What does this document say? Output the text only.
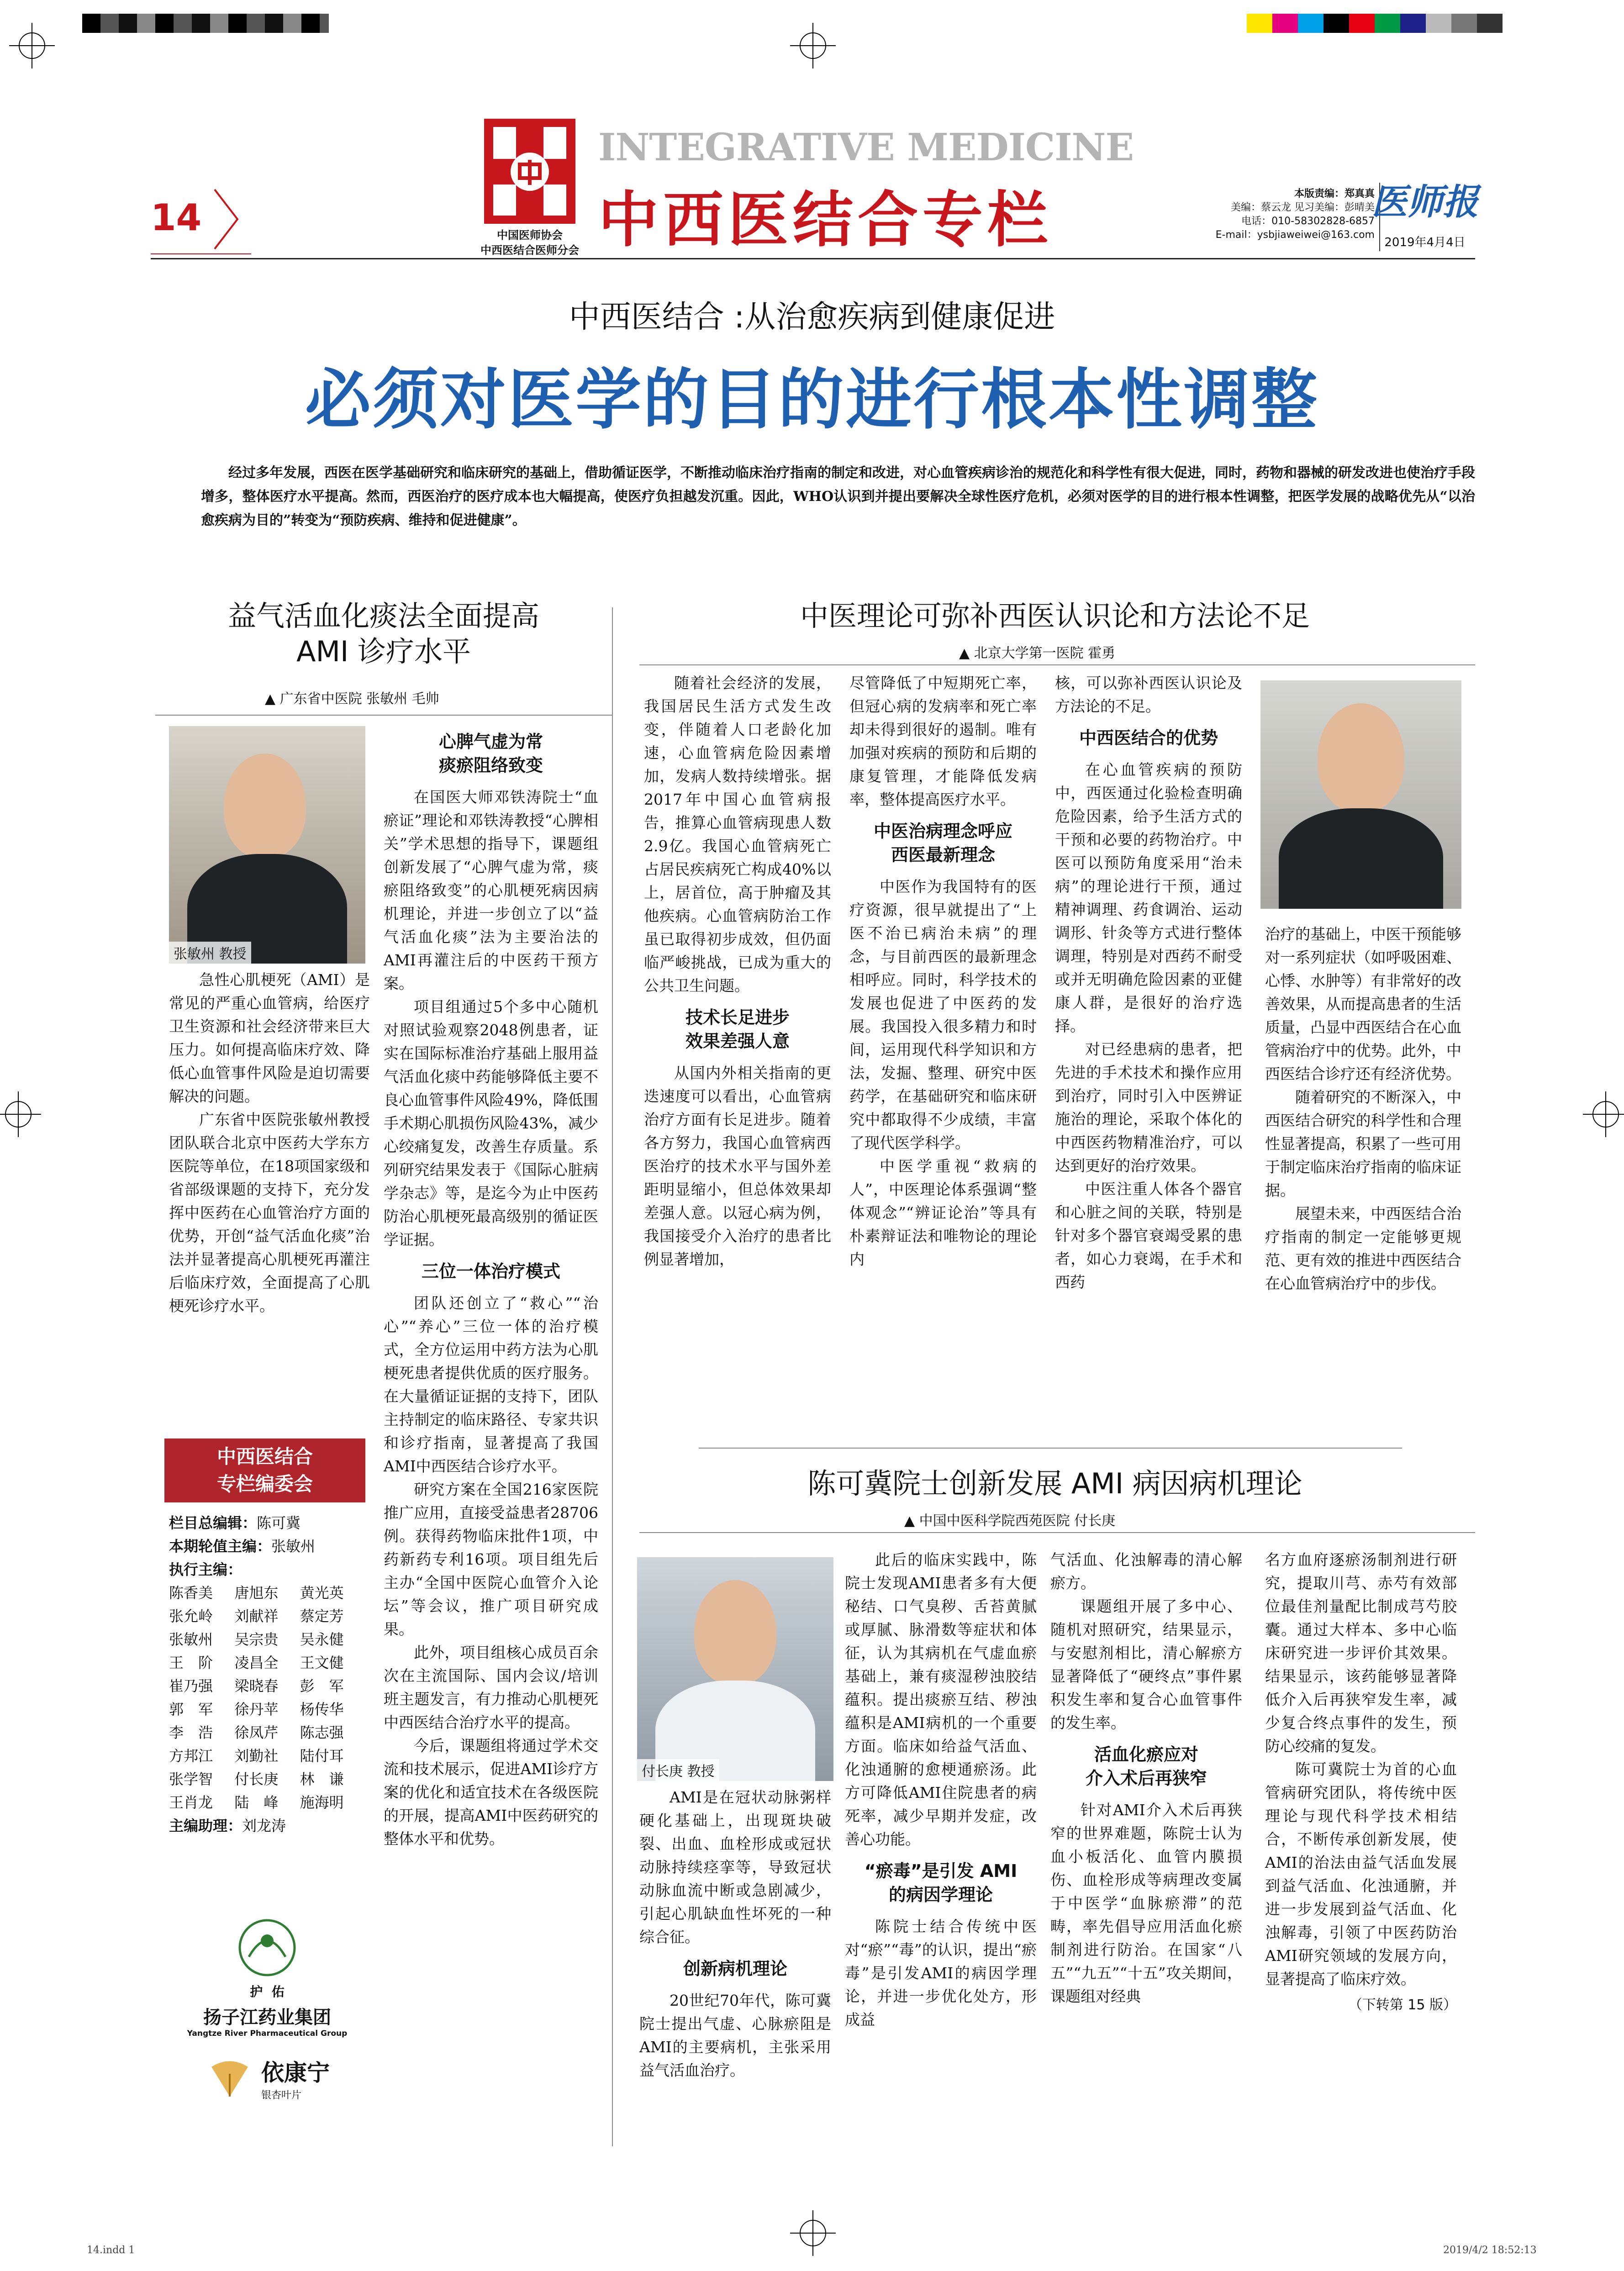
14	中国医师协会
中西医结合医师分会
INTEGRATIVE MEDICINE
中西医结合专栏	本版责编：郑真真
美编：蔡云龙 见习美编：彭晴美
电话：010-58302828-6857
E-mail：ysbjiaweiwei@163.com
医师报
2019年4月4日
中西医结合 :从治愈疾病到健康促进
必须对医学的目的进行根本性调整
经过多年发展，西医在医学基础研究和临床研究的基础上，借助循证医学，不断推动临床治疗指南的制定和改进，对心血管疾病诊治的规范化和科学性有很大促进，同时，药物和器械的研发改进也使治疗手段增多，整体医疗水平提高。然而，西医治疗的医疗成本也大幅提高，使医疗负担越发沉重。因此，WHO认识到并提出要解决全球性医疗危机，必须对医学的目的进行根本性调整，把医学发展的战略优先从“以治愈疾病为目的”转变为“预防疾病、维持和促进健康”。
益气活血化痰法全面提高
AMI 诊疗水平
▲ 广东省中医院 张敏州 毛帅
张敏州 教授

急性心肌梗死（AMI）是常见的严重心血管病，给医疗卫生资源和社会经济带来巨大压力。如何提高临床疗效、降低心血管事件风险是迫切需要解决的问题。

广东省中医院张敏州教授团队联合北京中医药大学东方医院等单位，在18项国家级和省部级课题的支持下，充分发挥中医药在心血管治疗方面的优势，开创“益气活血化痰”治法并显著提高心肌梗死再灌注后临床疗效，全面提高了心肌梗死诊疗水平。

心脾气虚为常
痰瘀阻络致变

在国医大师邓铁涛院士“血瘀证”理论和邓铁涛教授“心脾相关”学术思想的指导下，课题组创新发展了“心脾气虚为常，痰瘀阻络致变”的心肌梗死病因病机理论，并进一步创立了以“益气活血化痰”法为主要治法的AMI再灌注后的中医药干预方案。

项目组通过5个多中心随机对照试验观察2048例患者，证实在国际标准治疗基础上服用益气活血化痰中药能够降低主要不良心血管事件风险49%，降低围手术期心肌损伤风险43%，减少心绞痛复发，改善生存质量。系列研究结果发表于《国际心脏病学杂志》等，是迄今为止中医药防治心肌梗死最高级别的循证医学证据。

三位一体治疗模式

团队还创立了“救心”“治心”“养心”三位一体的治疗模式，全方位运用中药方法为心肌梗死患者提供优质的医疗服务。在大量循证证据的支持下，团队主持制定的临床路径、专家共识和诊疗指南，显著提高了我国AMI中西医结合诊疗水平。

研究方案在全国216家医院推广应用，直接受益患者28706例。获得药物临床批件1项，中药新药专利16项。项目组先后主办“全国中医院心血管介入论坛”等会议，推广项目研究成果。

此外，项目组核心成员百余次在主流国际、国内会议/培训班主题发言，有力推动心肌梗死中西医结合治疗水平的提高。

今后，课题组将通过学术交流和技术展示，促进AMI诊疗方案的优化和适宜技术在各级医院的开展，提高AMI中医药研究的整体水平和优势。

中西医结合
专栏编委会
栏目总编辑：陈可冀
本期轮值主编：张敏州
执行主编：
陈香美	唐旭东	黄光英
张允岭	刘献祥	蔡定芳
张敏州	吴宗贵	吴永健
王　阶	凌昌全	王文健
崔乃强	梁晓春	彭　军
郭　军	徐丹苹	杨传华
李　浩	徐凤芹	陈志强
方邦江	刘勤社	陆付耳
张学智	付长庚	林　谦
王肖龙	陆　峰	施海明
主编助理：刘龙涛
护 佑
扬子江药业集团
Yangtze River Pharmaceutical Group
依康宁
银杏叶片
中医理论可弥补西医认识论和方法论不足
▲ 北京大学第一医院 霍勇

随着社会经济的发展，我国居民生活方式发生改变，伴随着人口老龄化加速，心血管病危险因素增加，发病人数持续增张。据2017年中国心血管病报告，推算心血管病现患人数2.9亿。我国心血管病死亡占居民疾病死亡构成40%以上，居首位，高于肿瘤及其他疾病。心血管病防治工作虽已取得初步成效，但仍面临严峻挑战，已成为重大的公共卫生问题。

技术长足进步
效果差强人意

从国内外相关指南的更迭速度可以看出，心血管病治疗方面有长足进步。随着各方努力，我国心血管病西医治疗的技术水平与国外差距明显缩小，但总体效果却差强人意。以冠心病为例，我国接受介入治疗的患者比例显著增加，

尽管降低了中短期死亡率，但冠心病的发病率和死亡率却未得到很好的遏制。唯有加强对疾病的预防和后期的康复管理，才能降低发病率，整体提高医疗水平。

中医治病理念呼应
西医最新理念

中医作为我国特有的医疗资源，很早就提出了“上医不治已病治未病”的理念，与目前西医的最新理念相呼应。同时，科学技术的发展也促进了中医药的发展。我国投入很多精力和时间，运用现代科学知识和方法，发掘、整理、研究中医药学，在基础研究和临床研究中都取得不少成绩，丰富了现代医学科学。

中医学重视“救病的人”，中医理论体系强调“整体观念”“辨证论治”等具有朴素辩证法和唯物论的理论内

核，可以弥补西医认识论及方法论的不足。

中西医结合的优势

在心血管疾病的预防中，西医通过化验检查明确危险因素，给予生活方式的干预和必要的药物治疗。中医可以预防角度采用“治未病”的理论进行干预，通过精神调理、药食调治、运动调形、针灸等方式进行整体调理，特别是对西药不耐受或并无明确危险因素的亚健康人群，是很好的治疗选择。

对已经患病的患者，把先进的手术技术和操作应用到治疗，同时引入中医辨证施治的理论，采取个体化的中西医药物精准治疗，可以达到更好的治疗效果。

中医注重人体各个器官和心脏之间的关联，特别是针对多个器官衰竭受累的患者，如心力衰竭，在手术和西药

治疗的基础上，中医干预能够对一系列症状（如呼吸困难、心悸、水肿等）有非常好的改善效果，从而提高患者的生活质量，凸显中西医结合在心血管病治疗中的优势。此外，中西医结合诊疗还有经济优势。

随着研究的不断深入，中西医结合研究的科学性和合理性显著提高，积累了一些可用于制定临床治疗指南的临床证据。

展望未来，中西医结合治疗指南的制定一定能够更规范、更有效的推进中西医结合在心血管病治疗中的步伐。

陈可冀院士创新发展 AMI 病因病机理论
▲ 中国中医科学院西苑医院 付长庚
付长庚 教授

AMI是在冠状动脉粥样硬化基础上，出现斑块破裂、出血、血栓形成或冠状动脉持续痉挛等，导致冠状动脉血流中断或急剧减少，引起心肌缺血性坏死的一种综合征。

创新病机理论

20世纪70年代，陈可冀院士提出气虚、心脉瘀阻是AMI的主要病机，主张采用益气活血治疗。

此后的临床实践中，陈院士发现AMI患者多有大便秘结、口气臭秽、舌苔黄腻或厚腻、脉滑数等症状和体征，认为其病机在气虚血瘀基础上，兼有痰湿秽浊胶结蕴积。提出痰瘀互结、秽浊蕴积是AMI病机的一个重要方面。临床如给益气活血、化浊通腑的愈梗通瘀汤。此方可降低AMI住院患者的病死率，减少早期并发症，改善心功能。

“瘀毒”是引发 AMI
的病因学理论

陈院士结合传统中医对“瘀”“毒”的认识，提出“瘀毒”是引发AMI的病因学理论，并进一步优化处方，形成益

气活血、化浊解毒的清心解瘀方。

课题组开展了多中心、随机对照研究，结果显示，与安慰剂相比，清心解瘀方显著降低了“硬终点”事件累积发生率和复合心血管事件的发生率。

活血化瘀应对
介入术后再狭窄

针对AMI介入术后再狭窄的世界难题，陈院士认为血小板活化、血管内膜损伤、血栓形成等病理改变属于中医学“血脉瘀滞”的范畴，率先倡导应用活血化瘀制剂进行防治。在国家“八五”“九五”“十五”攻关期间，课题组对经典

名方血府逐瘀汤制剂进行研究，提取川芎、赤芍有效部位最佳剂量配比制成芎芍胶囊。通过大样本、多中心临床研究进一步评价其效果。结果显示，该药能够显著降低介入后再狭窄发生率，减少复合终点事件的发生，预防心绞痛的复发。

陈可冀院士为首的心血管病研究团队，将传统中医理论与现代科学技术相结合，不断传承创新发展，使AMI的治法由益气活血发展到益气活血、化浊通腑，并进一步发展到益气活血、化浊解毒，引领了中医药防治AMI研究领域的发展方向，显著提高了临床疗效。

（下转第 15 版）
14.indd 1	2019/4/2 18:52:13
